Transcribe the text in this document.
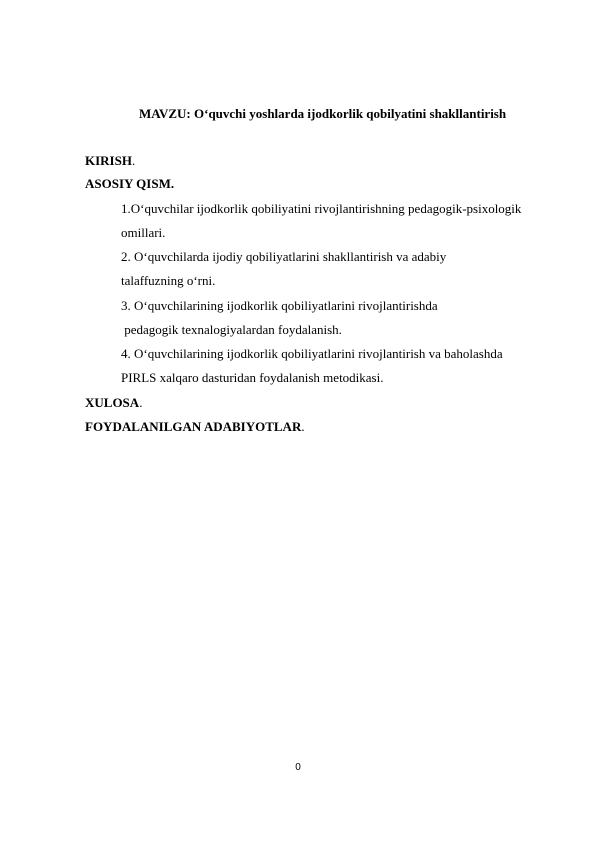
MAVZU: O‘quvchi yoshlarda ijodkorlik qobilyatini shakllantirish
KIRISH.
ASOSIY QISM.
1.O‘quvchilar ijodkorlik qobiliyatini rivojlantirishning pedagogik-psixologik
omillari.
2. O‘quvchilarda ijodiy qobiliyatlarini shakllantirish va adabiy
talaffuzning o‘rni.
3. O‘quvchilarining ijodkorlik qobiliyatlarini rivojlantirishda
pedagogik texnalogiyalardan foydalanish.
4. O‘quvchilarining ijodkorlik qobiliyatlarini rivojlantirish va baholashda
PIRLS xalqaro dasturidan foydalanish metodikasi.
XULOSA.
FOYDALANILGAN ADABIYOTLAR.
0
